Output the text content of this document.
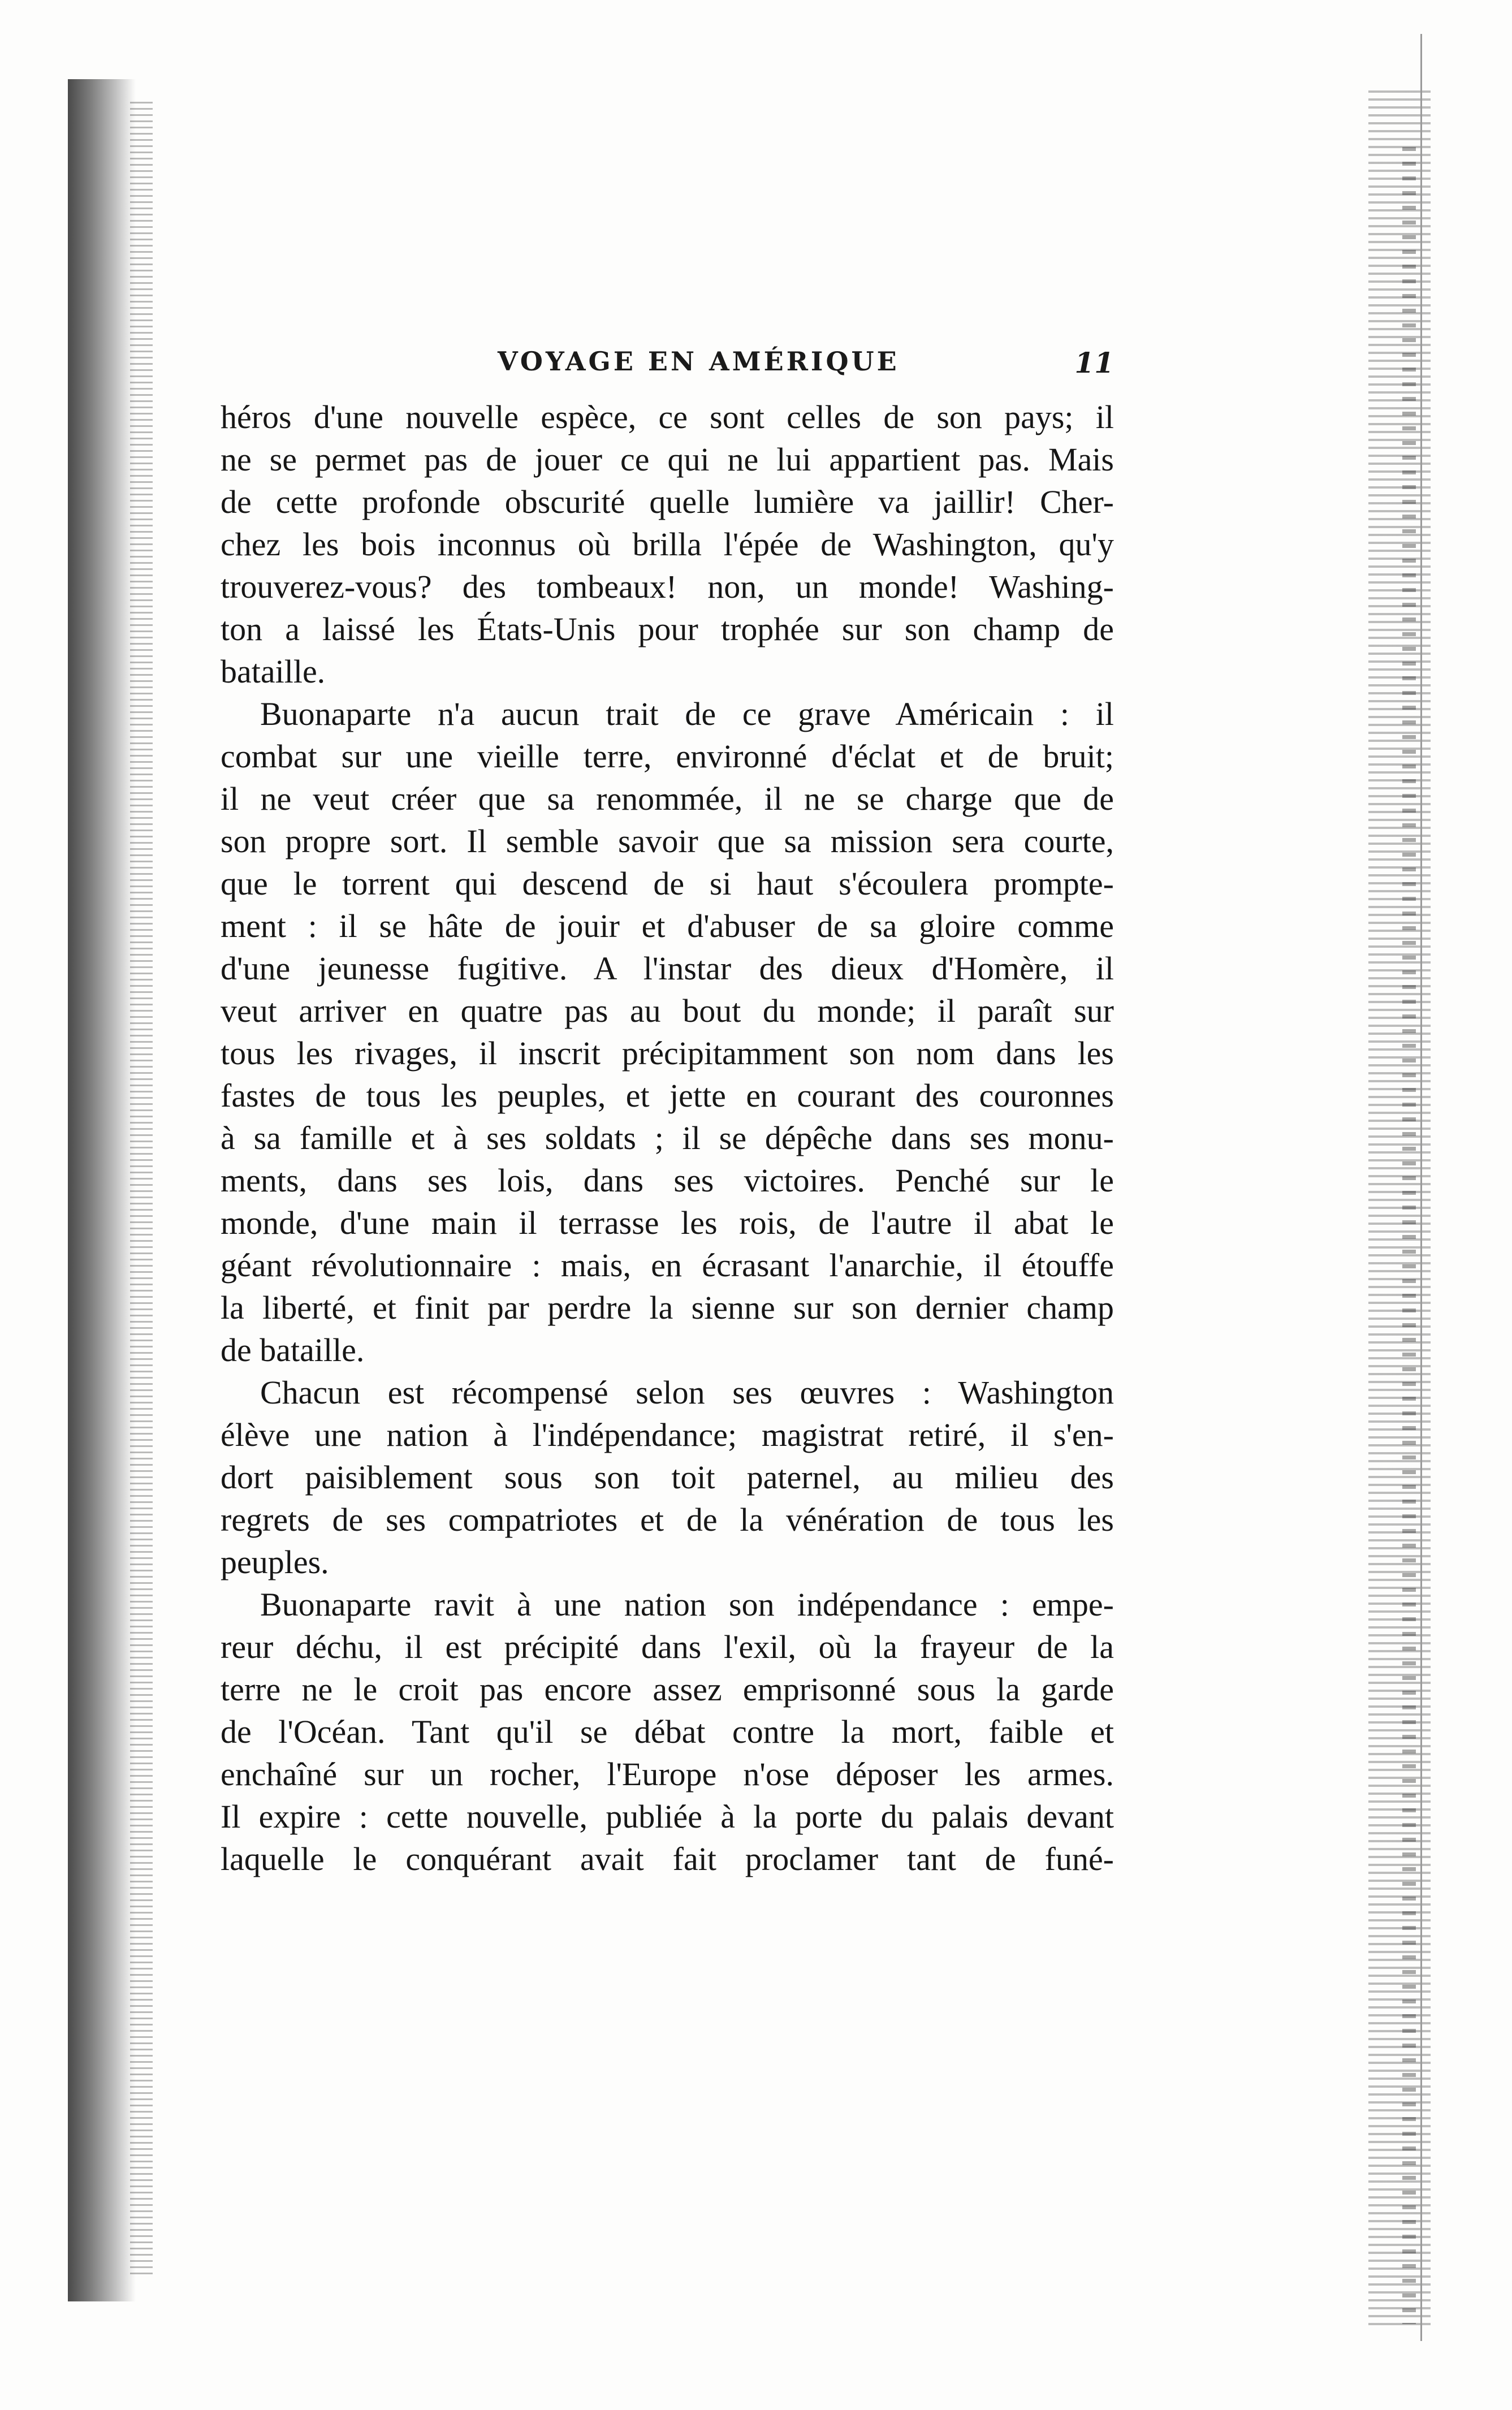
VOYAGE EN AMÉRIQUE	11
héros d'une nouvelle espèce, ce sont celles de son pays; il
ne se permet pas de jouer ce qui ne lui appartient pas. Mais
de cette profonde obscurité quelle lumière va jaillir! Cher-
chez les bois inconnus où brilla l'épée de Washington, qu'y
trouverez-vous? des tombeaux! non, un monde! Washing-
ton a laissé les États-Unis pour trophée sur son champ de
bataille.
Buonaparte n'a aucun trait de ce grave Américain : il
combat sur une vieille terre, environné d'éclat et de bruit;
il ne veut créer que sa renommée, il ne se charge que de
son propre sort. Il semble savoir que sa mission sera courte,
que le torrent qui descend de si haut s'écoulera prompte-
ment : il se hâte de jouir et d'abuser de sa gloire comme
d'une jeunesse fugitive. A l'instar des dieux d'Homère, il
veut arriver en quatre pas au bout du monde; il paraît sur
tous les rivages, il inscrit précipitamment son nom dans les
fastes de tous les peuples, et jette en courant des couronnes
à sa famille et à ses soldats ; il se dépêche dans ses monu-
ments, dans ses lois, dans ses victoires. Penché sur le
monde, d'une main il terrasse les rois, de l'autre il abat le
géant révolutionnaire : mais, en écrasant l'anarchie, il étouffe
la liberté, et finit par perdre la sienne sur son dernier champ
de bataille.
Chacun est récompensé selon ses œuvres : Washington
élève une nation à l'indépendance; magistrat retiré, il s'en-
dort paisiblement sous son toit paternel, au milieu des
regrets de ses compatriotes et de la vénération de tous les
peuples.
Buonaparte ravit à une nation son indépendance : empe-
reur déchu, il est précipité dans l'exil, où la frayeur de la
terre ne le croit pas encore assez emprisonné sous la garde
de l'Océan. Tant qu'il se débat contre la mort, faible et
enchaîné sur un rocher, l'Europe n'ose déposer les armes.
Il expire : cette nouvelle, publiée à la porte du palais devant
laquelle le conquérant avait fait proclamer tant de funé-
